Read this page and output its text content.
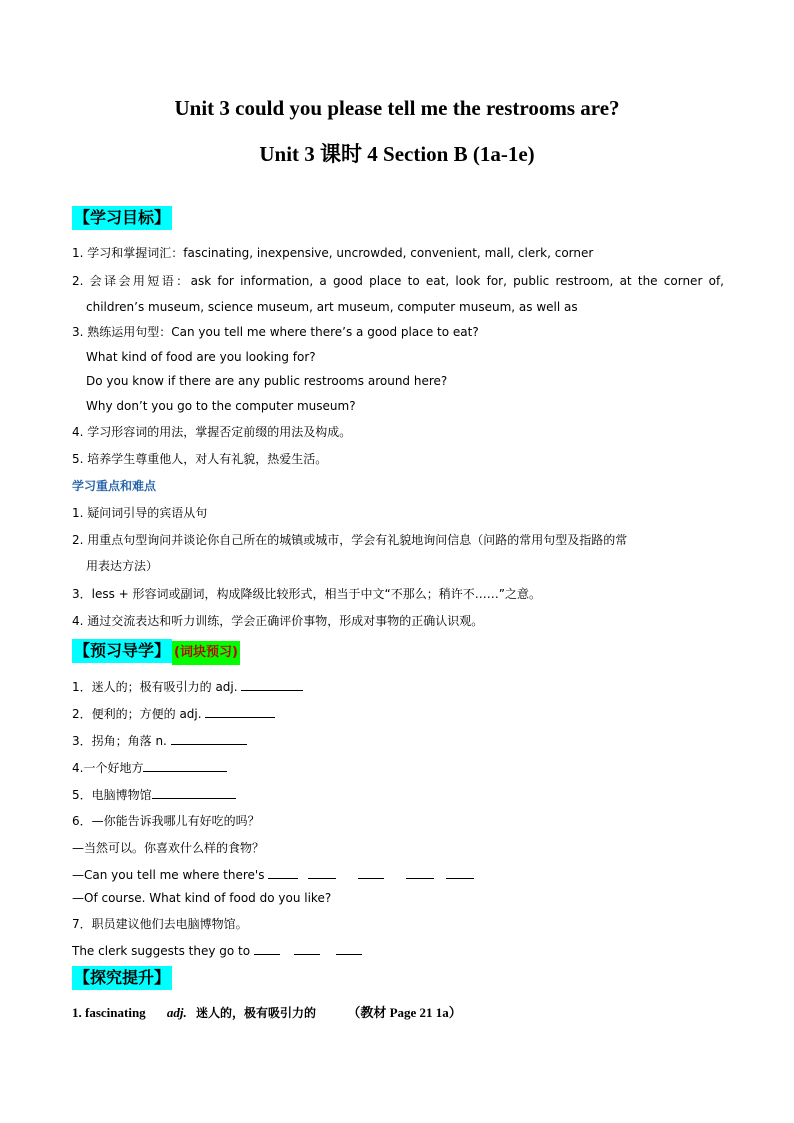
Unit 3 could you please tell me the restrooms are?
Unit 3 课时 4 Section B (1a-1e)
【学习目标】
1. 学习和掌握词汇：fascinating, inexpensive, uncrowded, convenient, mall, clerk, corner
2. 会译会用短语：ask for information, a good place to eat, look for, public restroom, at the corner of,
children’s museum, science museum, art museum, computer museum, as well as
3. 熟练运用句型：Can you tell me where there’s a good place to eat?
What kind of food are you looking for?
Do you know if there are any public restrooms around here?
Why don’t you go to the computer museum?
4. 学习形容词的用法，掌握否定前缀的用法及构成。
5. 培养学生尊重他人，对人有礼貌，热爱生活。
学习重点和难点
1. 疑问词引导的宾语从句
2. 用重点句型询问并谈论你自己所在的城镇或城市，学会有礼貌地询问信息（问路的常用句型及指路的常
用表达方法）
3．less + 形容词或副词，构成降级比较形式，相当于中文“不那么；稍许不……”之意。
4. 通过交流表达和听力训练，学会正确评价事物，形成对事物的正确认识观。
【预习导学】 (词块预习)
1．迷人的；极有吸引力的 adj.
2．便利的；方便的 adj.
3．拐角；角落 n.
4.一个好地方
5．电脑博物馆
6．—你能告诉我哪儿有好吃的吗？
—当然可以。你喜欢什么样的食物？
—Can you tell me where there's
—Of course. What kind of food do you like?
7．职员建议他们去电脑博物馆。
The clerk suggests they go to
【探究提升】
1. fascinating adj. 迷人的，极有吸引力的 （教材 Page 21 1a）
